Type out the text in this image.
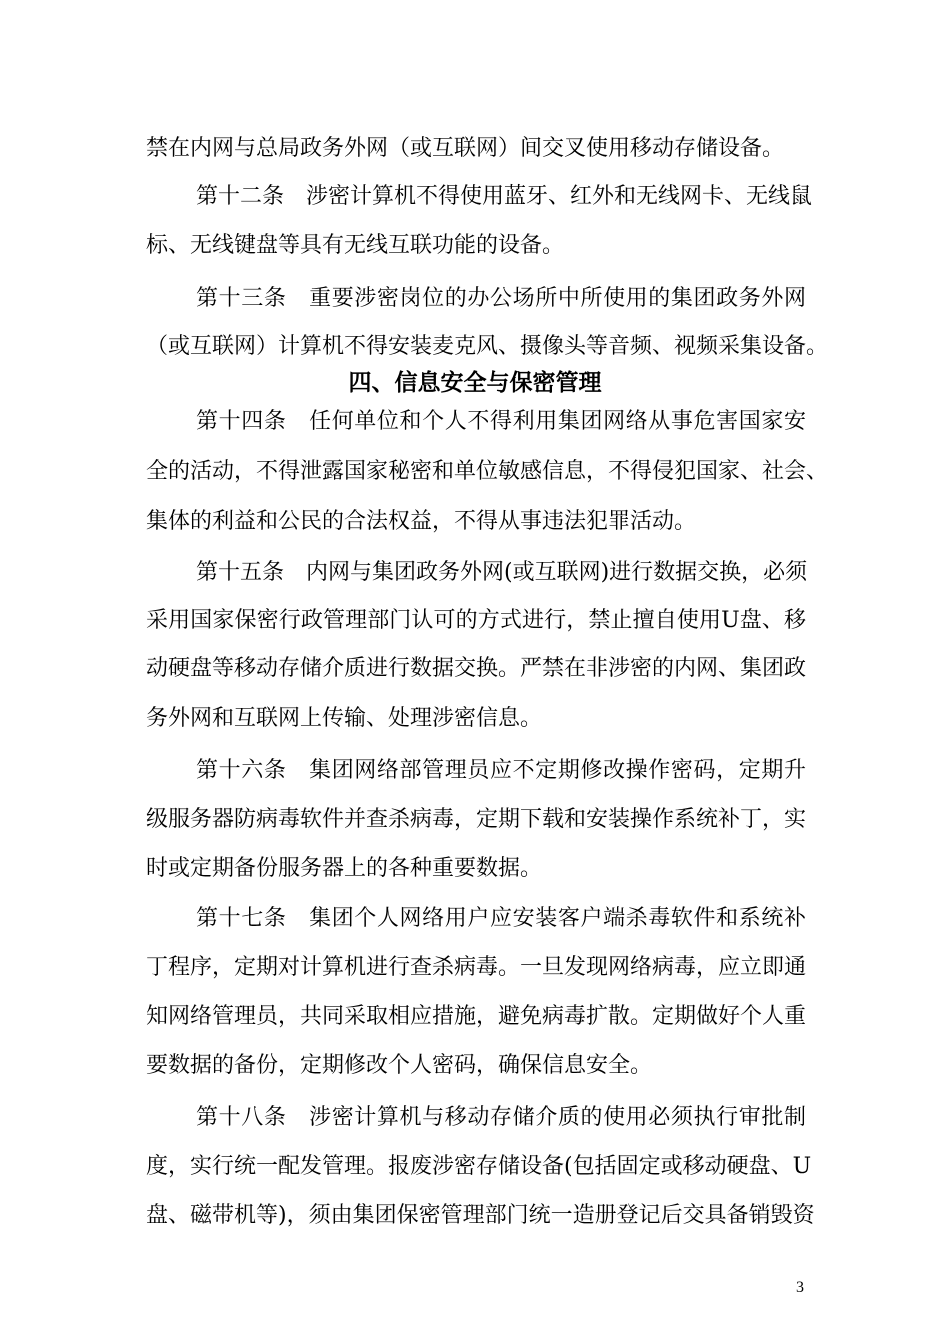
禁在内网与总局政务外网（或互联网）间交叉使用移动存储设备。
第十二条　涉密计算机不得使用蓝牙、红外和无线网卡、无线鼠
标、无线键盘等具有无线互联功能的设备。
第十三条　重要涉密岗位的办公场所中所使用的集团政务外网
（或互联网）计算机不得安装麦克风、摄像头等音频、视频采集设备。
四、信息安全与保密管理
第十四条　任何单位和个人不得利用集团网络从事危害国家安
全的活动，不得泄露国家秘密和单位敏感信息，不得侵犯国家、社会、
集体的利益和公民的合法权益，不得从事违法犯罪活动。
第十五条　内网与集团政务外网(或互联网)进行数据交换，必须
采用国家保密行政管理部门认可的方式进行，禁止擅自使用U盘、移
动硬盘等移动存储介质进行数据交换。严禁在非涉密的内网、集团政
务外网和互联网上传输、处理涉密信息。
第十六条　集团网络部管理员应不定期修改操作密码，定期升
级服务器防病毒软件并查杀病毒，定期下载和安装操作系统补丁，实
时或定期备份服务器上的各种重要数据。
第十七条　集团个人网络用户应安装客户端杀毒软件和系统补
丁程序，定期对计算机进行查杀病毒。一旦发现网络病毒，应立即通
知网络管理员，共同采取相应措施，避免病毒扩散。定期做好个人重
要数据的备份，定期修改个人密码，确保信息安全。
第十八条　涉密计算机与移动存储介质的使用必须执行审批制
度，实行统一配发管理。报废涉密存储设备(包括固定或移动硬盘、U
盘、磁带机等)，须由集团保密管理部门统一造册登记后交具备销毁资
3
